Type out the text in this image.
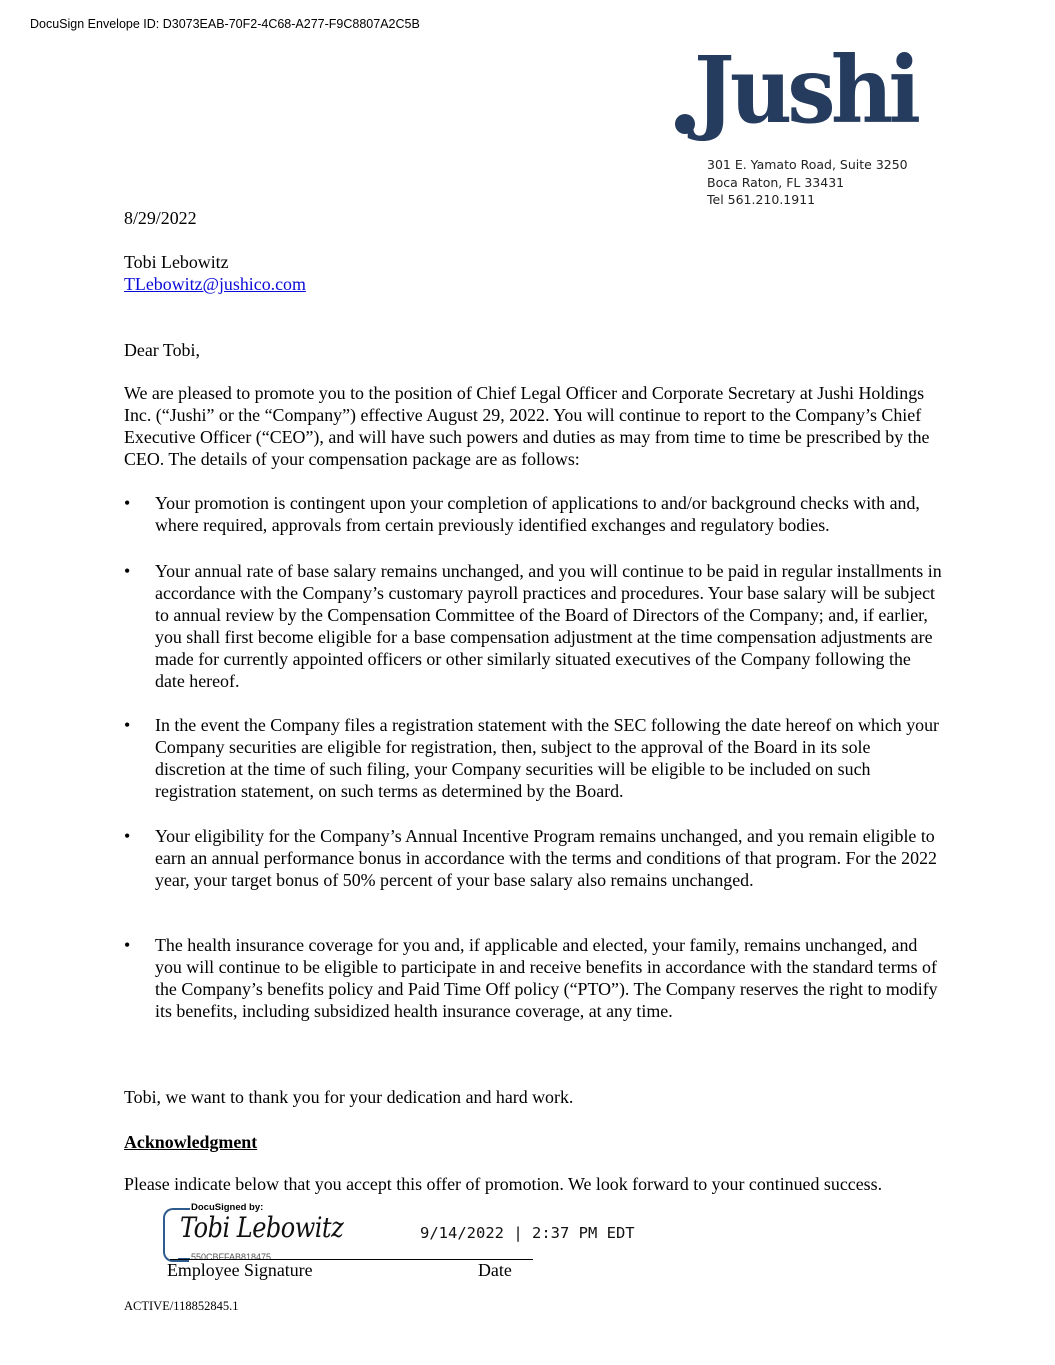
DocuSign Envelope ID: D3073EAB-70F2-4C68-A277-F9C8807A2C5B
Jushi
301 E. Yamato Road, Suite 3250
Boca Raton, FL 33431
Tel 561.210.1911
8/29/2022
Tobi Lebowitz
TLebowitz@jushico.com
Dear Tobi,
We are pleased to promote you to the position of Chief Legal Officer and Corporate Secretary at Jushi Holdings Inc. (“Jushi” or the “Company”) effective August 29, 2022. You will continue to report to the Company’s Chief Executive Officer (“CEO”), and will have such powers and duties as may from time to time be prescribed by the CEO. The details of your compensation package are as follows:
•	Your promotion is contingent upon your completion of applications to and/or background checks with and, where required, approvals from certain previously identified exchanges and regulatory bodies.
•	Your annual rate of base salary remains unchanged, and you will continue to be paid in regular installments in accordance with the Company’s customary payroll practices and procedures. Your base salary will be subject to annual review by the Compensation Committee of the Board of Directors of the Company; and, if earlier, you shall first become eligible for a base compensation adjustment at the time compensation adjustments are made for currently appointed officers or other similarly situated executives of the Company following the date hereof.
•	In the event the Company files a registration statement with the SEC following the date hereof on which your Company securities are eligible for registration, then, subject to the approval of the Board in its sole discretion at the time of such filing, your Company securities will be eligible to be included on such registration statement, on such terms as determined by the Board.
•	Your eligibility for the Company’s Annual Incentive Program remains unchanged, and you remain eligible to earn an annual performance bonus in accordance with the terms and conditions of that program. For the 2022 year, your target bonus of 50% percent of your base salary also remains unchanged.
•	The health insurance coverage for you and, if applicable and elected, your family, remains unchanged, and you will continue to be eligible to participate in and receive benefits in accordance with the standard terms of the Company’s benefits policy and Paid Time Off policy (“PTO”). The Company reserves the right to modify its benefits, including subsidized health insurance coverage, at any time.
Tobi, we want to thank you for your dedication and hard work.
Acknowledgment
Please indicate below that you accept this offer of promotion. We look forward to your continued success.
DocuSigned by:
Tobi Lebowitz
550CBFFAB818475...
Employee Signature	Date
9/14/2022 | 2:37 PM EDT
ACTIVE/118852845.1
